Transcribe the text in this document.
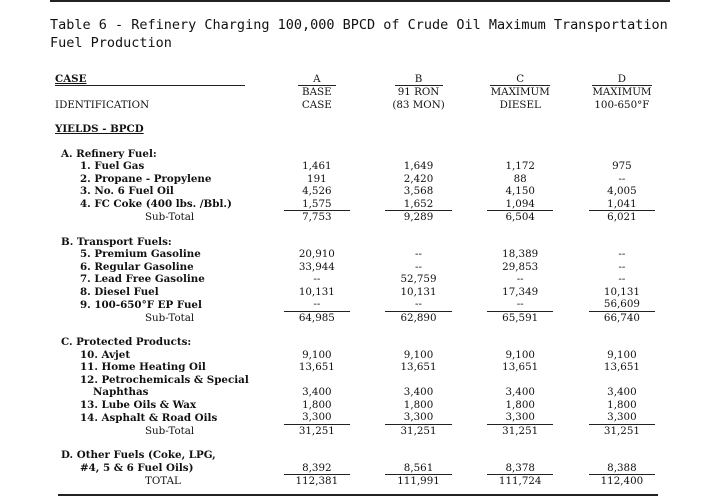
Table 6 - Refinery Charging 100,000 BPCD of Crude Oil Maximum Transportation
Fuel Production
CASE		A		B		C		D
		BASE		91 RON		MAXIMUM		MAXIMUM
IDENTIFICATION		CASE		(83 MON)		DIESEL		100-650°F

YIELDS - BPCD								

A. Refinery Fuel:								
1. Fuel Gas		1,461		1,649		1,172		975
2. Propane - Propylene		191		2,420		88		--
3. No. 6 Fuel Oil		4,526		3,568		4,150		4,005
4. FC Coke (400 lbs. /Bbl.)		1,575		1,652		1,094		1,041
Sub-Total		7,753		9,289		6,504		6,021

B. Transport Fuels:								
5. Premium Gasoline		20,910		--		18,389		--
6. Regular Gasoline		33,944		--		29,853		--
7. Lead Free Gasoline		--		52,759		--		--
8. Diesel Fuel		10,131		10,131		17,349		10,131
9. 100-650°F EP Fuel		--		--		--		56,609
Sub-Total		64,985		62,890		65,591		66,740

C. Protected Products:								
10. Avjet		9,100		9,100		9,100		9,100
11. Home Heating Oil		13,651		13,651		13,651		13,651
12. Petrochemicals & Special								
Naphthas		3,400		3,400		3,400		3,400
13. Lube Oils & Wax		1,800		1,800		1,800		1,800
14. Asphalt & Road Oils		3,300		3,300		3,300		3,300
Sub-Total		31,251		31,251		31,251		31,251

D. Other Fuels (Coke, LPG,								
#4, 5 & 6 Fuel Oils)		8,392		8,561		8,378		8,388
TOTAL		112,381		111,991		111,724		112,400
